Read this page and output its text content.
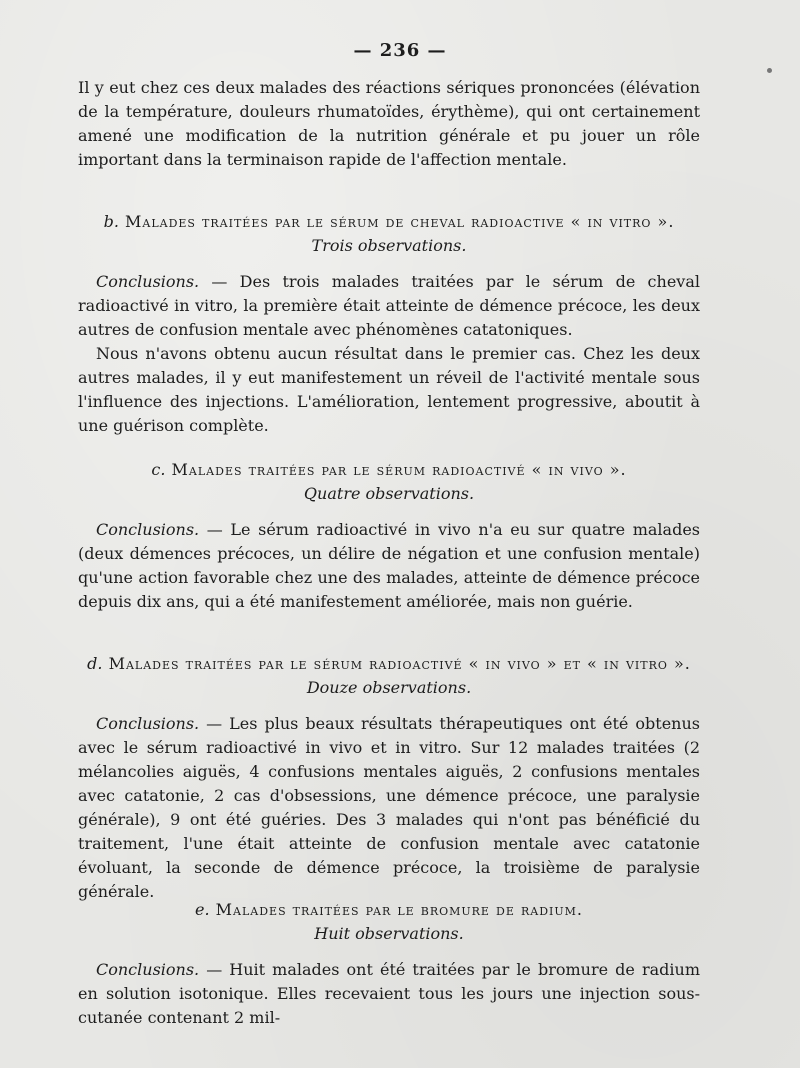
— 236 —

Il y eut chez ces deux malades des réactions sériques prononcées (élévation de la température, douleurs rhumatoïdes, érythème), qui ont certainement amené une modification de la nutrition générale et pu jouer un rôle important dans la terminaison rapide de l'affection mentale.

b. Malades traitées par le sérum de cheval radioactive « in vitro ».
Trois observations.

Conclusions. — Des trois malades traitées par le sérum de cheval radioactivé in vitro, la première était atteinte de démence précoce, les deux autres de confusion mentale avec phénomènes catatoniques.

Nous n'avons obtenu aucun résultat dans le premier cas. Chez les deux autres malades, il y eut manifestement un réveil de l'activité mentale sous l'influence des injections. L'amélioration, lentement progressive, aboutit à une guérison complète.

c. Malades traitées par le sérum radioactivé « in vivo ».
Quatre observations.

Conclusions. — Le sérum radioactivé in vivo n'a eu sur quatre malades (deux démences précoces, un délire de négation et une confusion mentale) qu'une action favorable chez une des malades, atteinte de démence précoce depuis dix ans, qui a été manifestement améliorée, mais non guérie.

d. Malades traitées par le sérum radioactivé « in vivo » et « in vitro ».
Douze observations.

Conclusions. — Les plus beaux résultats thérapeutiques ont été obtenus avec le sérum radioactivé in vivo et in vitro. Sur 12 malades traitées (2 mélancolies aiguës, 4 confusions mentales aiguës, 2 confusions mentales avec catatonie, 2 cas d'obsessions, une démence précoce, une paralysie générale), 9 ont été guéries. Des 3 malades qui n'ont pas bénéficié du traitement, l'une était atteinte de confusion mentale avec catatonie évoluant, la seconde de démence précoce, la troisième de paralysie générale.

e. Malades traitées par le bromure de radium.
Huit observations.

Conclusions. — Huit malades ont été traitées par le bromure de radium en solution isotonique. Elles recevaient tous les jours une injection sous-cutanée contenant 2 mil-
